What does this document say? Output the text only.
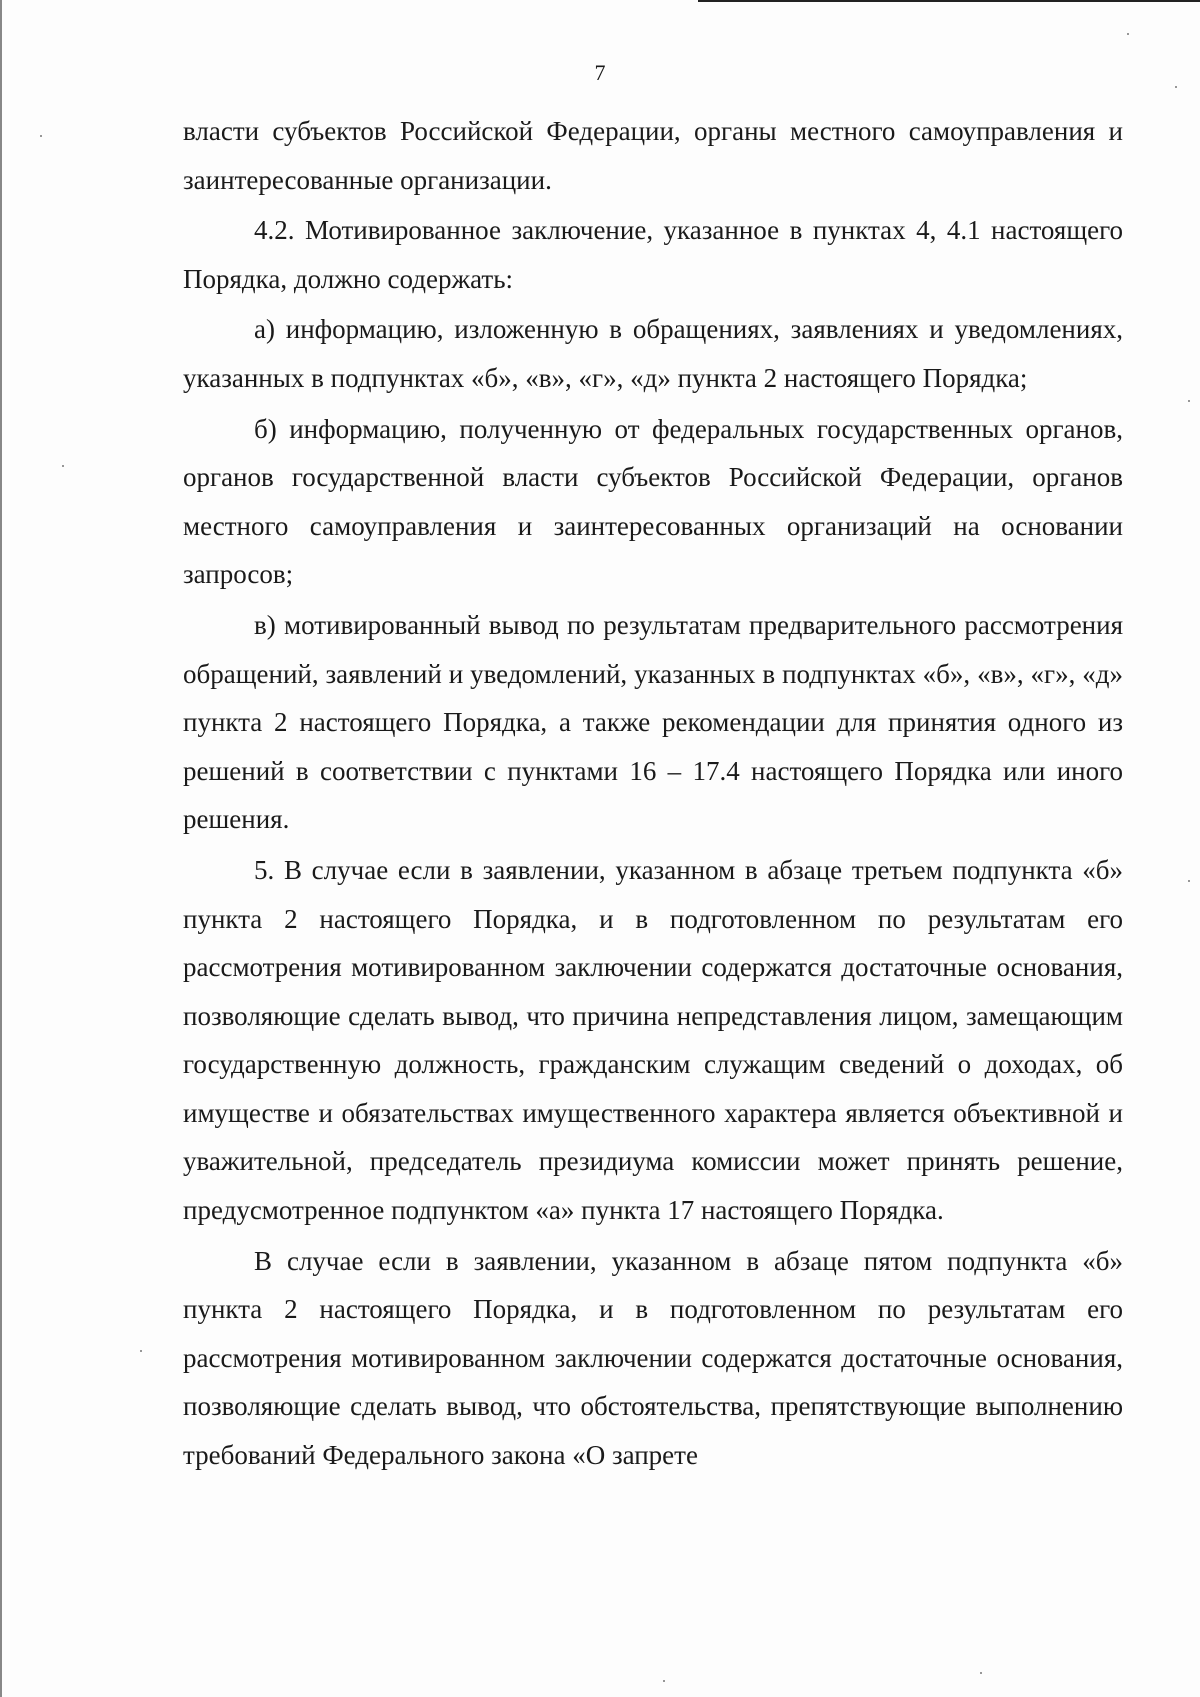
7

власти субъектов Российской Федерации, органы местного самоуправления и заинтересованные организации.

4.2. Мотивированное заключение, указанное в пунктах 4, 4.1 настоящего Порядка, должно содержать:

а) информацию, изложенную в обращениях, заявлениях и уведомлениях, указанных в подпунктах «б», «в», «г», «д» пункта 2 настоящего Порядка;

б) информацию, полученную от федеральных государственных органов, органов государственной власти субъектов Российской Федерации, органов местного самоуправления и заинтересованных организаций на основании запросов;

в) мотивированный вывод по результатам предварительного рассмотрения обращений, заявлений и уведомлений, указанных в подпунктах «б», «в», «г», «д» пункта 2 настоящего Порядка, а также рекомендации для принятия одного из решений в соответствии с пунктами 16 – 17.4 настоящего Порядка или иного решения.

5. В случае если в заявлении, указанном в абзаце третьем подпункта «б» пункта 2 настоящего Порядка, и в подготовленном по результатам его рассмотрения мотивированном заключении содержатся достаточные основания, позволяющие сделать вывод, что причина непредставления лицом, замещающим государственную должность, гражданским служащим сведений о доходах, об имуществе и обязательствах имущественного характера является объективной и уважительной, председатель президиума комиссии может принять решение, предусмотренное подпунктом «а» пункта 17 настоящего Порядка.

В случае если в заявлении, указанном в абзаце пятом подпункта «б» пункта 2 настоящего Порядка, и в подготовленном по результатам его рассмотрения мотивированном заключении содержатся достаточные основания, позволяющие сделать вывод, что обстоятельства, препятствующие выполнению требований Федерального закона «О запрете
